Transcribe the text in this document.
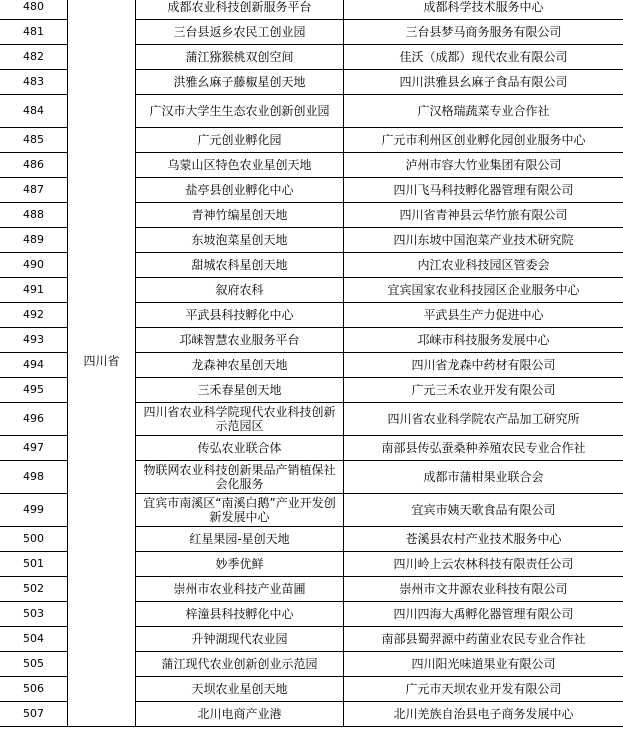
480	四川省	成都农业科技创新服务平台	成都科学技术服务中心
481		三台县返乡农民工创业园	三台县梦马商务服务有限公司
482		蒲江猕猴桃双创空间	佳沃（成都）现代农业有限公司
483		洪雅幺麻子藤椒星创天地	四川洪雅县幺麻子食品有限公司
484		广汉市大学生生态农业创新创业园	广汉格瑞蔬菜专业合作社
485		广元创业孵化园	广元市利州区创业孵化园创业服务中心
486		乌蒙山区特色农业星创天地	泸州市容大竹业集团有限公司
487		盐亭县创业孵化中心	四川飞马科技孵化器管理有限公司
488		青神竹编星创天地	四川省青神县云华竹旅有限公司
489		东坡泡菜星创天地	四川东坡中国泡菜产业技术研究院
490		甜城农科星创天地	内江农业科技园区管委会
491		叙府农科	宜宾国家农业科技园区企业服务中心
492		平武县科技孵化中心	平武县生产力促进中心
493		邛崃智慧农业服务平台	邛崃市科技服务发展中心
494		龙森神农星创天地	四川省龙森中药材有限公司
495		三禾春星创天地	广元三禾农业开发有限公司
496		四川省农业科学院现代农业科技创新示范园区	四川省农业科学院农产品加工研究所
497		传弘农业联合体	南部县传弘蚕桑种养殖农民专业合作社
498		物联网农业科技创新果品产销植保社会化服务	成都市蒲柑果业联合会
499		宜宾市南溪区“南溪白鹅”产业开发创新发展中心	宜宾市姨天歌食品有限公司
500		红星果园-星创天地	苍溪县农村产业技术服务中心
501		妙季优鲜	四川岭上云农林科技有限责任公司
502		崇州市农业科技产业苗圃	崇州市文井源农业科技有限公司
503		梓潼县科技孵化中心	四川四海大禹孵化器管理有限公司
504		升钟湖现代农业园	南部县蜀羿源中药菌业农民专业合作社
505		蒲江现代农业创新创业示范园	四川阳光味道果业有限公司
506		天坝农业星创天地	广元市天坝农业开发有限公司
507		北川电商产业港	北川羌族自治县电子商务发展中心
